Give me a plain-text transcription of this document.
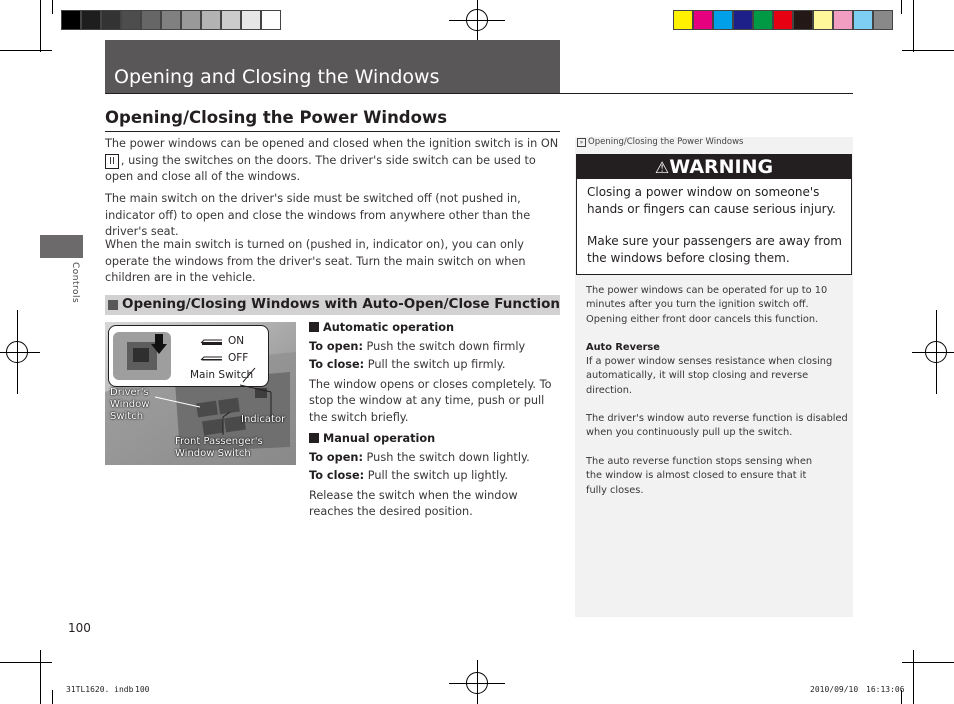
Opening and Closing the Windows
Controls
Opening/Closing the Power Windows
The power windows can be opened and closed when the ignition switch is in ON
II , using the switches on the doors. The driver's side switch can be used to open and close all of the windows.
The main switch on the driver's side must be switched off (not pushed in, indicator off) to open and close the windows from anywhere other than the driver's seat.
When the main switch is turned on (pushed in, indicator on), you can only operate the windows from the driver's seat. Turn the main switch on when children are in the vehicle.
Opening/Closing Windows with Auto-Open/Close Function
ON
OFF
Main Switch
Driver's
Window
Switch	Indicator
Front Passenger's
Window Switch
Automatic operation
To open: Push the switch down firmly
To close: Pull the switch up firmly.
The window opens or closes completely. To stop the window at any time, push or pull the switch briefly.
Manual operation
To open: Push the switch down lightly.
To close: Pull the switch up lightly.
Release the switch when the window reaches the desired position.
» Opening/Closing the Power Windows
⚠WARNING
Closing a power window on someone's hands or fingers can cause serious injury.
Make sure your passengers are away from the windows before closing them.
The power windows can be operated for up to 10 minutes after you turn the ignition switch off. Opening either front door cancels this function.
Auto Reverse
If a power window senses resistance when closing automatically, it will stop closing and reverse direction.
The driver's window auto reverse function is disabled when you continuously pull up the switch.
The auto reverse function stops sensing when the window is almost closed to ensure that it fully closes.
100
31TL1620. indb 100	2010/09/10 16:13:06
